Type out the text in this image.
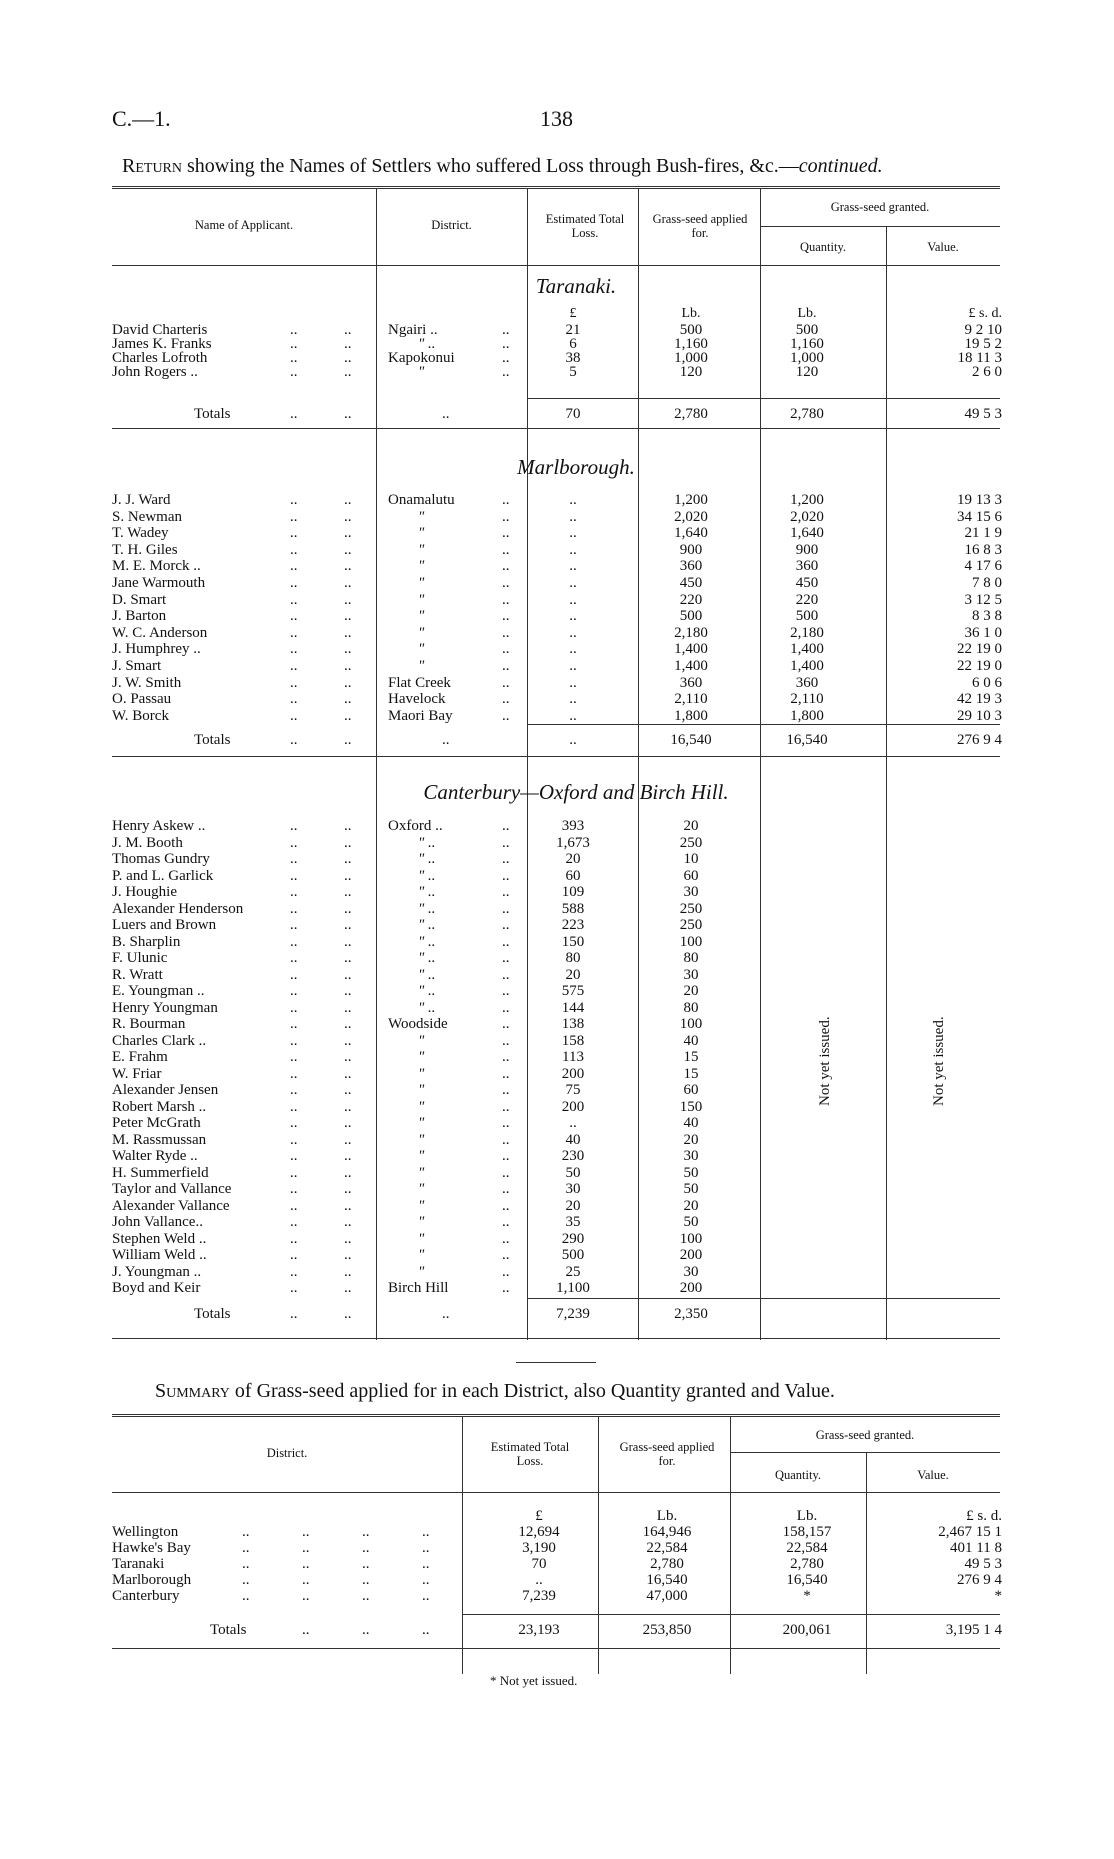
C.—1.	138
Return showing the Names of Settlers who suffered Loss through Bush-fires, &c.—continued.
Name of Applicant.	District.	Estimated Total Loss.
Grass-seed applied for.
Grass-seed granted.
Quantity.	Value.
Taranaki.
Marlborough.
Canterbury—Oxford and Birch Hill.
£	Lb.	Lb.	£ s. d.
David Charteris	..	.. Ngairi ..	..	21	500	500	9 2 10
James K. Franks	..	..	" ..	..	6	1,160	1,160	19 5 2
Charles Lofroth	..	.. Kapokonui	..	38	1,000	1,000	18 11 3
John Rogers ..	..	..	"	..	5	120	120	2 6 0
Totals	..	..	..	70	2,780	2,780	49 5 3
J. J. Ward	..	.. Onamalutu	..	..	1,200	1,200	19 13 3
S. Newman	..	..	"	..	..	2,020	2,020	34 15 6
T. Wadey	..	..	"	..	..	1,640	1,640	21 1 9
T. H. Giles	..	..	"	..	..	900	900	16 8 3
M. E. Morck ..	..	..	"	..	..	360	360	4 17 6
Jane Warmouth	..	..	"	..	..	450	450	7 8 0
D. Smart	..	..	"	..	..	220	220	3 12 5
J. Barton	..	..	"	..	..	500	500	8 3 8
W. C. Anderson	..	..	"	..	..	2,180	2,180	36 1 0
J. Humphrey ..	..	..	"	..	..	1,400	1,400	22 19 0
J. Smart	..	..	"	..	..	1,400	1,400	22 19 0
J. W. Smith	..	.. Flat Creek	..	..	360	360	6 0 6
O. Passau	..	.. Havelock	..	..	2,110	2,110	42 19 3
W. Borck	..	.. Maori Bay	..	..	1,800	1,800	29 10 3
Totals	..	..	..	..	16,540	16,540	276 9 4
Henry Askew ..	..	.. Oxford ..	..	393	20
J. M. Booth	..	..	" ..	..	1,673	250
Thomas Gundry	..	..	" ..	..	20	10
P. and L. Garlick	..	..	" ..	..	60	60
J. Houghie	..	..	" ..	..	109	30
Alexander Henderson	..	..	" ..	..	588	250
Luers and Brown	..	..	" ..	..	223	250
B. Sharplin	..	..	" ..	..	150	100
F. Ulunic	..	..	" ..	..	80	80
R. Wratt	..	..	" ..	..	20	30
E. Youngman ..	..	..	" ..	..	575	20
Henry Youngman	..	..	" ..	..	144	80
R. Bourman	..	.. Woodside	..	138	100
Charles Clark ..	..	..	"	..	158	40
E. Frahm	..	..	"	..	113	15
W. Friar	..	..	"	..	200	15
Alexander Jensen	..	..	"	..	75	60
Robert Marsh ..	..	..	"	..	200	150
Peter McGrath	..	..	"	..	..	40
M. Rassmussan	..	..	"	..	40	20
Walter Ryde ..	..	..	"	..	230	30
H. Summerfield	..	..	"	..	50	50
Taylor and Vallance	..	..	"	..	30	50
Alexander Vallance	..	..	"	..	20	20
John Vallance..	..	..	"	..	35	50
Stephen Weld ..	..	..	"	..	290	100
William Weld ..	..	..	"	..	500	200
J. Youngman ..	..	..	"	..	25	30
Boyd and Keir	..	.. Birch Hill	..	1,100	200
Not yet issued.	Not yet issued.
Totals	..	..	..	7,239	2,350
Summary of Grass-seed applied for in each District, also Quantity granted and Value.
District.	Estimated Total Loss.
Grass-seed applied for.
Grass-seed granted.
Quantity.	Value.
£	Lb.	Lb.	£ s. d.
Wellington	..	..	..	..	12,694	164,946	158,157	2,467 15 1
Hawke's Bay	..	..	..	..	3,190	22,584	22,584	401 11 8
Taranaki	..	..	..	..	70	2,780	2,780	49 5 3
Marlborough	..	..	..	..	..	16,540	16,540	276 9 4
Canterbury	..	..	..	..	7,239	47,000	*	*
Totals	..	..	..	23,193	253,850	200,061	3,195 1 4
* Not yet issued.
